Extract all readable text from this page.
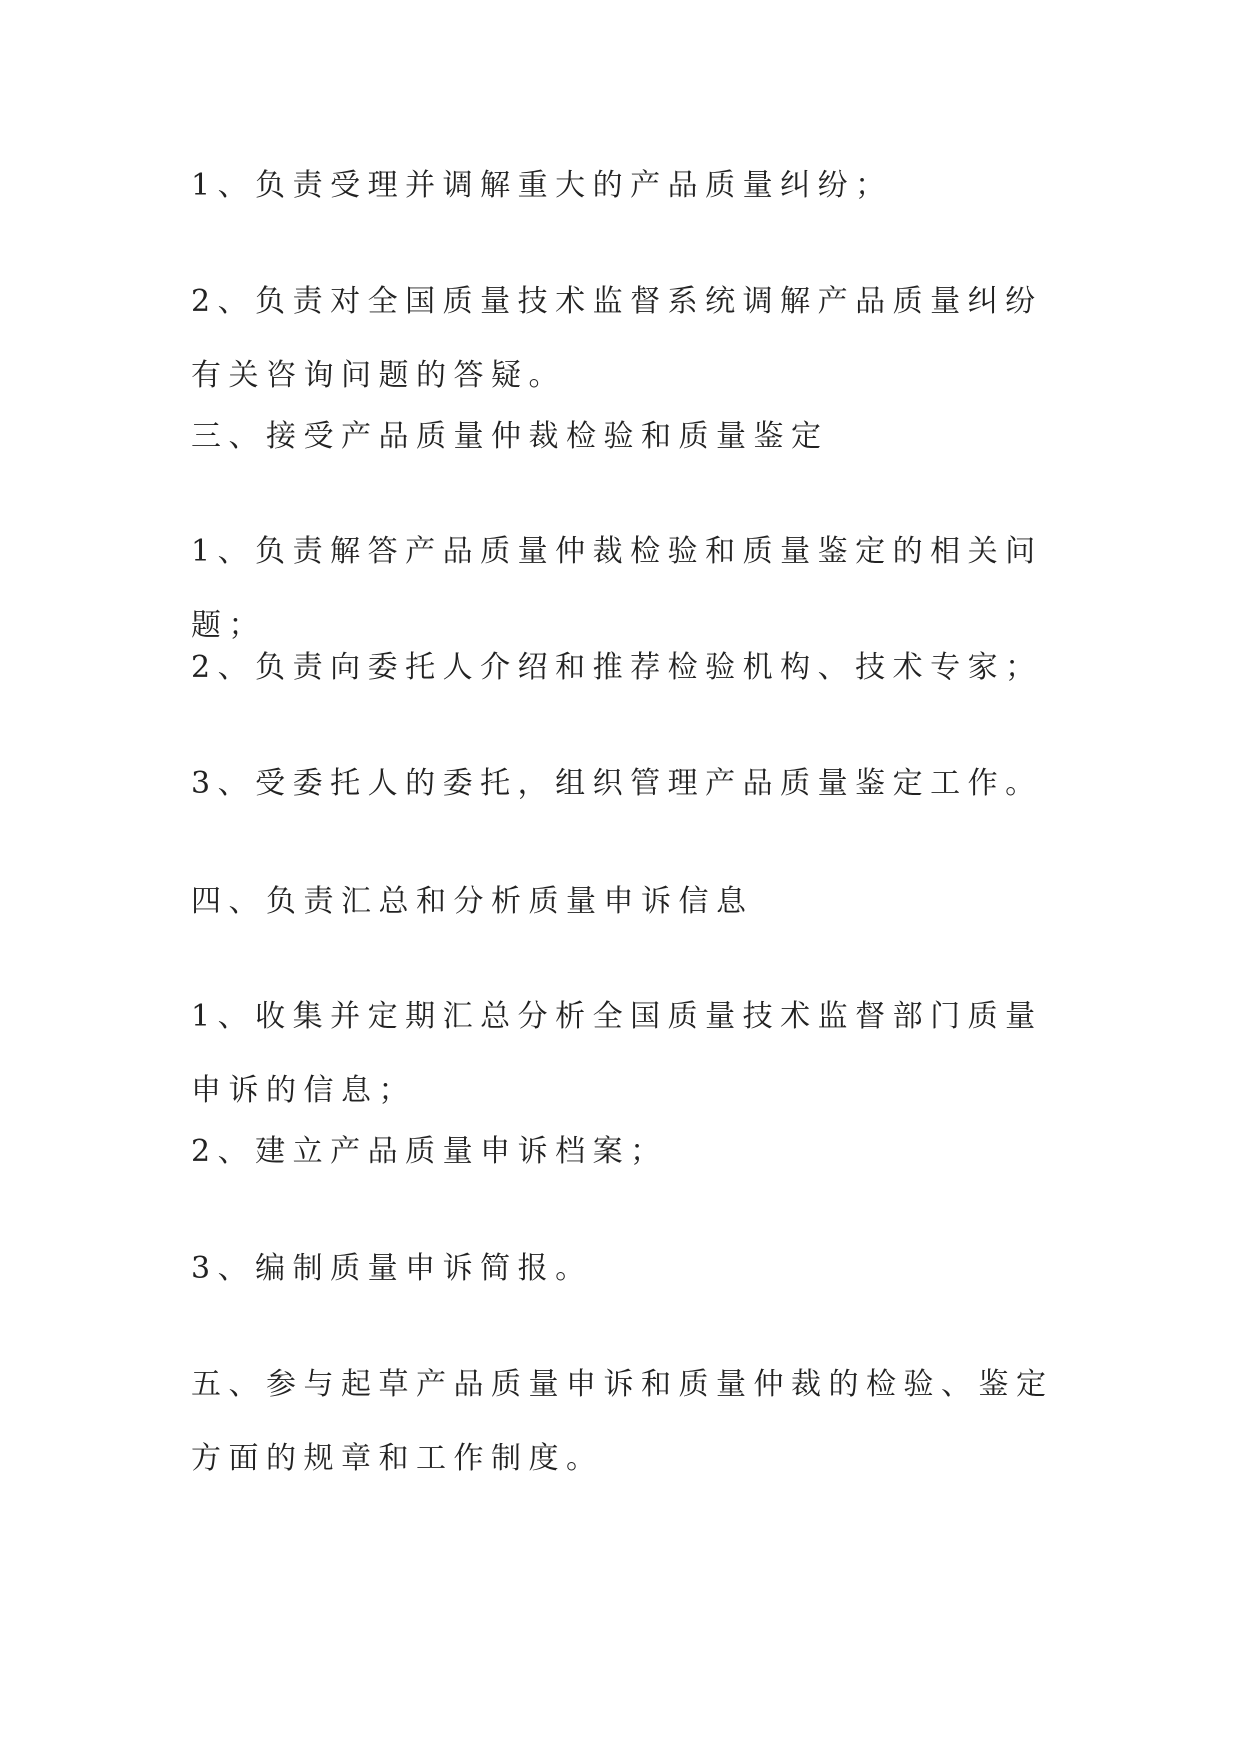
1、负责受理并调解重大的产品质量纠纷；

2、负责对全国质量技术监督系统调解产品质量纠纷有关咨询问题的答疑。

三、接受产品质量仲裁检验和质量鉴定

1、负责解答产品质量仲裁检验和质量鉴定的相关问题；

2、负责向委托人介绍和推荐检验机构、技术专家；

3、受委托人的委托，组织管理产品质量鉴定工作。

四、负责汇总和分析质量申诉信息

1、收集并定期汇总分析全国质量技术监督部门质量申诉的信息；

2、建立产品质量申诉档案；

3、编制质量申诉简报。

五、参与起草产品质量申诉和质量仲裁的检验、鉴定方面的规章和工作制度。
